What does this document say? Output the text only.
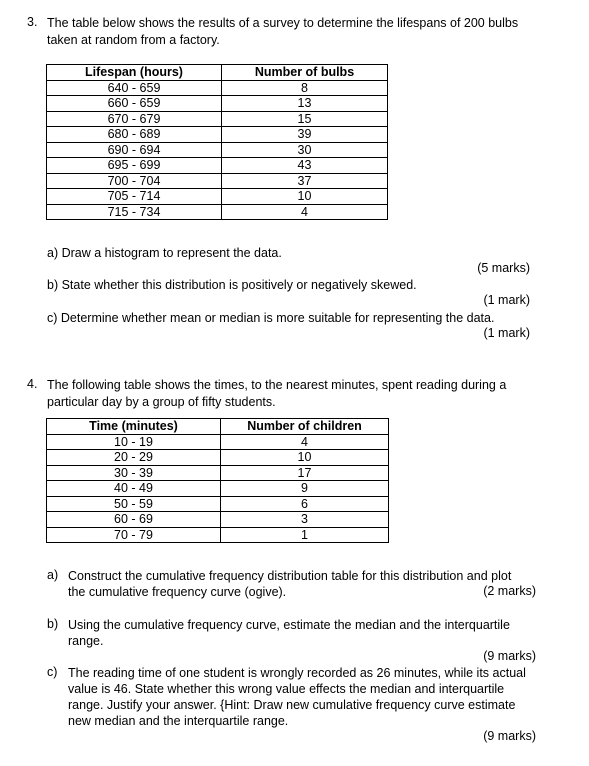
3. The table below shows the results of a survey to determine the lifespans of 200 bulbs
taken at random from a factory.
Lifespan (hours)	Number of bulbs
640 - 659	8
660 - 659	13
670 - 679	15
680 - 689	39
690 - 694	30
695 - 699	43
700 - 704	37
705 - 714	10
715 - 734	4
a) Draw a histogram to represent the data.
(5 marks)
b) State whether this distribution is positively or negatively skewed.
(1 mark)
c) Determine whether mean or median is more suitable for representing the data.
(1 mark)
4. The following table shows the times, to the nearest minutes, spent reading during a
particular day by a group of fifty students.
Time (minutes)	Number of children
10 - 19	4
20 - 29	10
30 - 39	17
40 - 49	9
50 - 59	6
60 - 69	3
70 - 79	1
a) Construct the cumulative frequency distribution table for this distribution and plot
the cumulative frequency curve (ogive).	(2 marks)
b) Using the cumulative frequency curve, estimate the median and the interquartile
range.
(9 marks)
c) The reading time of one student is wrongly recorded as 26 minutes, while its actual
value is 46. State whether this wrong value effects the median and interquartile
range. Justify your answer. {Hint: Draw new cumulative frequency curve estimate
new median and the interquartile range.
(9 marks)
